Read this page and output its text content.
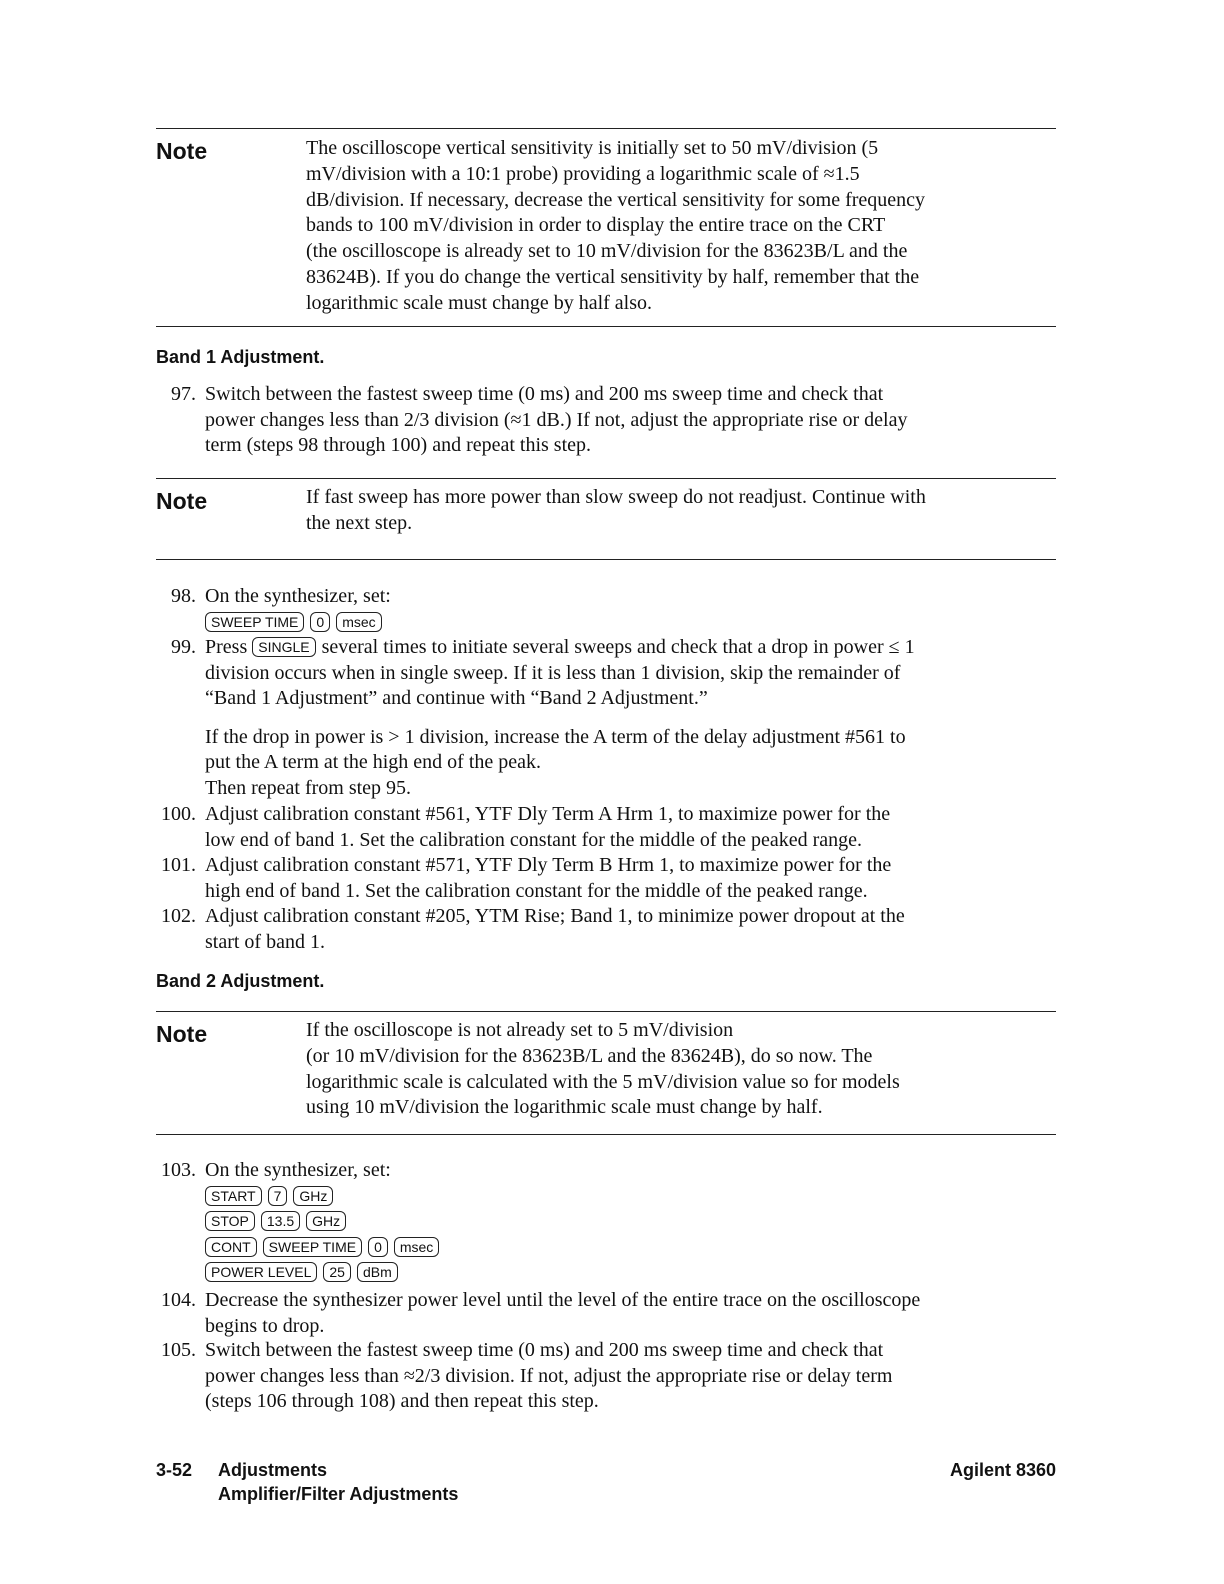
Note	The oscilloscope vertical sensitivity is initially set to 50 mV/division (5
mV/division with a 10:1 probe) providing a logarithmic scale of ≈1.5
dB/division. If necessary, decrease the vertical sensitivity for some frequency
bands to 100 mV/division in order to display the entire trace on the CRT
(the oscilloscope is already set to 10 mV/division for the 83623B/L and the
83624B). If you do change the vertical sensitivity by half, remember that the
logarithmic scale must change by half also.
Band 1 Adjustment.
97. Switch between the fastest sweep time (0 ms) and 200 ms sweep time and check that
power changes less than 2/3 division (≈1 dB.) If not, adjust the appropriate rise or delay
term (steps 98 through 100) and repeat this step.
Note	If fast sweep has more power than slow sweep do not readjust. Continue with
the next step.
98. On the synthesizer, set:
SWEEP TIME 0 msec
99. Press SINGLE several times to initiate several sweeps and check that a drop in power ≤ 1
division occurs when in single sweep. If it is less than 1 division, skip the remainder of
“Band 1 Adjustment” and continue with “Band 2 Adjustment.”
If the drop in power is > 1 division, increase the A term of the delay adjustment #561 to
put the A term at the high end of the peak.
Then repeat from step 95.
100. Adjust calibration constant #561, YTF Dly Term A Hrm 1, to maximize power for the
low end of band 1. Set the calibration constant for the middle of the peaked range.
101. Adjust calibration constant #571, YTF Dly Term B Hrm 1, to maximize power for the
high end of band 1. Set the calibration constant for the middle of the peaked range.
102. Adjust calibration constant #205, YTM Rise; Band 1, to minimize power dropout at the
start of band 1.
Band 2 Adjustment.
Note	If the oscilloscope is not already set to 5 mV/division
(or 10 mV/division for the 83623B/L and the 83624B), do so now. The
logarithmic scale is calculated with the 5 mV/division value so for models
using 10 mV/division the logarithmic scale must change by half.
103. On the synthesizer, set:
START 7 GHz
STOP 13.5 GHz
CONT SWEEP TIME 0 msec
POWER LEVEL 25 dBm
104. Decrease the synthesizer power level until the level of the entire trace on the oscilloscope
begins to drop.
105. Switch between the fastest sweep time (0 ms) and 200 ms sweep time and check that
power changes less than ≈2/3 division. If not, adjust the appropriate rise or delay term
(steps 106 through 108) and then repeat this step.
3-52 Adjustments
Amplifier/Filter Adjustments
Agilent 8360
